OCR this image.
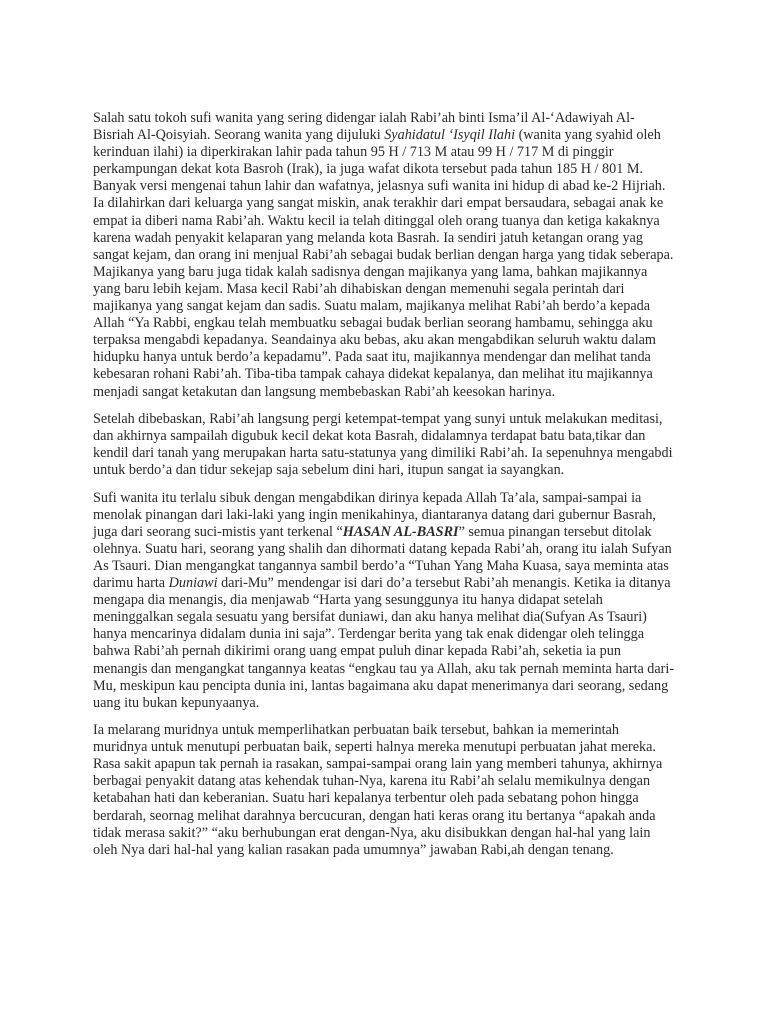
Salah satu tokoh sufi wanita yang sering didengar ialah Rabi’ah binti Isma’il Al-‘Adawiyah Al-Bisriah Al-Qoisyiah. Seorang wanita yang dijuluki Syahidatul ‘Isyqil Ilahi (wanita yang syahid oleh kerinduan ilahi) ia diperkirakan lahir pada tahun 95 H / 713 M atau 99 H / 717 M di pinggir perkampungan dekat kota Basroh (Irak), ia juga wafat dikota tersebut pada tahun 185 H / 801 M. Banyak versi mengenai tahun lahir dan wafatnya, jelasnya sufi wanita ini hidup di abad ke-2 Hijriah. Ia dilahirkan dari keluarga yang sangat miskin, anak terakhir dari empat bersaudara, sebagai anak ke empat ia diberi nama Rabi’ah. Waktu kecil ia telah ditinggal oleh orang tuanya dan ketiga kakaknya karena wadah penyakit kelaparan yang melanda kota Basrah. Ia sendiri jatuh ketangan orang yag sangat kejam, dan orang ini menjual Rabi’ah sebagai budak berlian dengan harga yang tidak seberapa. Majikanya yang baru juga tidak kalah sadisnya dengan majikanya yang lama, bahkan majikannya yang baru lebih kejam. Masa kecil Rabi’ah dihabiskan dengan memenuhi segala perintah dari majikanya yang sangat kejam dan sadis. Suatu malam, majikanya melihat Rabi’ah berdo’a kepada Allah “Ya Rabbi, engkau telah membuatku sebagai budak berlian seorang hambamu, sehingga aku terpaksa mengabdi kepadanya. Seandainya aku bebas, aku akan mengabdikan seluruh waktu dalam hidupku hanya untuk berdo’a kepadamu”. Pada saat itu, majikannya mendengar dan melihat tanda kebesaran rohani Rabi’ah. Tiba-tiba tampak cahaya didekat kepalanya, dan melihat itu majikannya menjadi sangat ketakutan dan langsung membebaskan Rabi’ah keesokan harinya.

Setelah dibebaskan, Rabi’ah langsung pergi ketempat-tempat yang sunyi untuk melakukan meditasi, dan akhirnya sampailah digubuk kecil dekat kota Basrah, didalamnya terdapat batu bata,tikar dan kendil dari tanah yang merupakan harta satu-statunya yang dimiliki Rabi’ah. Ia sepenuhnya mengabdi untuk berdo’a dan tidur sekejap saja sebelum dini hari, itupun sangat ia sayangkan.

Sufi wanita itu terlalu sibuk dengan mengabdikan dirinya kepada Allah Ta’ala, sampai-sampai ia menolak pinangan dari laki-laki yang ingin menikahinya, diantaranya datang dari gubernur Basrah, juga dari seorang suci-mistis yant terkenal “HASAN AL-BASRI” semua pinangan tersebut ditolak olehnya. Suatu hari, seorang yang shalih dan dihormati datang kepada Rabi’ah, orang itu ialah Sufyan As Tsauri. Dian mengangkat tangannya sambil berdo’a “Tuhan Yang Maha Kuasa, saya meminta atas darimu harta Duniawi dari-Mu” mendengar isi dari do’a tersebut Rabi’ah menangis. Ketika ia ditanya mengapa dia menangis, dia menjawab “Harta yang sesunggunya itu hanya didapat setelah meninggalkan segala sesuatu yang bersifat duniawi, dan aku hanya melihat dia(Sufyan As Tsauri) hanya mencarinya didalam dunia ini saja”. Terdengar berita yang tak enak didengar oleh telingga bahwa Rabi’ah pernah dikirimi orang uang empat puluh dinar kepada Rabi’ah, seketia ia pun menangis dan mengangkat tangannya keatas “engkau tau ya Allah, aku tak pernah meminta harta dari-Mu, meskipun kau pencipta dunia ini, lantas bagaimana aku dapat menerimanya dari seorang, sedang uang itu bukan kepunyaanya.

Ia melarang muridnya untuk memperlihatkan perbuatan baik tersebut, bahkan ia memerintah muridnya untuk menutupi perbuatan baik, seperti halnya mereka menutupi perbuatan jahat mereka. Rasa sakit apapun tak pernah ia rasakan, sampai-sampai orang lain yang memberi tahunya, akhirnya berbagai penyakit datang atas kehendak tuhan-Nya, karena itu Rabi’ah selalu memikulnya dengan ketabahan hati dan keberanian. Suatu hari kepalanya terbentur oleh pada sebatang pohon hingga berdarah, seornag melihat darahnya bercucuran, dengan hati keras orang itu bertanya “apakah anda tidak merasa sakit?” “aku berhubungan erat dengan-Nya, aku disibukkan dengan hal-hal yang lain oleh Nya dari hal-hal yang kalian rasakan pada umumnya” jawaban Rabi,ah dengan tenang.
